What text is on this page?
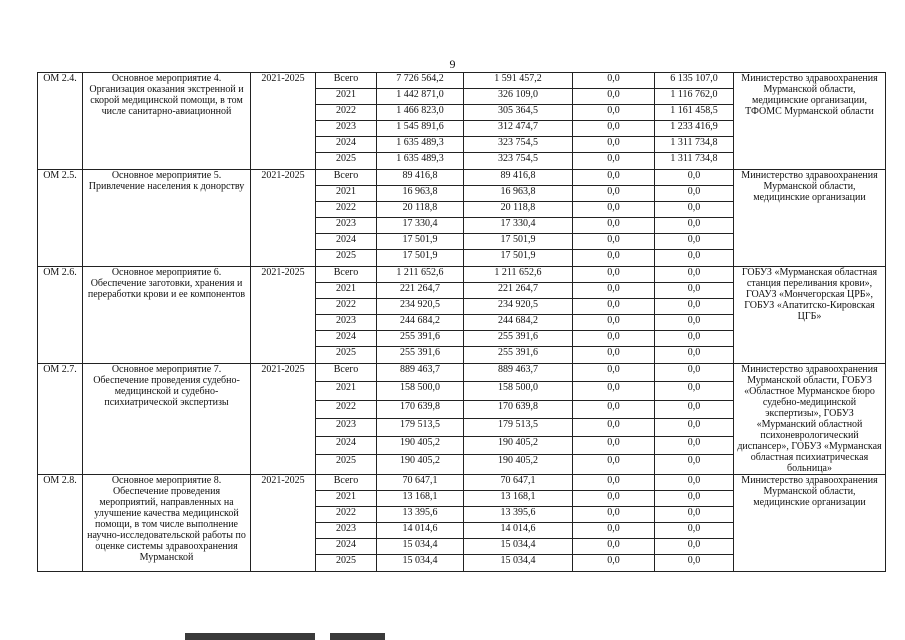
9
ОМ 2.4.	Основное мероприятие 4. Организация оказания экстренной и скорой медицинской помощи, в том числе санитарно-авиационной	2021-2025	Всего	7 726 564,2	1 591 457,2	0,0	6 135 107,0	Министерство здравоохранения Мурманской области, медицинские организации, ТФОМС Мурманской области
			2021	1 442 871,0	326 109,0	0,0	1 116 762,0	
			2022	1 466 823,0	305 364,5	0,0	1 161 458,5	
			2023	1 545 891,6	312 474,7	0,0	1 233 416,9	
			2024	1 635 489,3	323 754,5	0,0	1 311 734,8	
			2025	1 635 489,3	323 754,5	0,0	1 311 734,8	
ОМ 2.5.	Основное мероприятие 5. Привлечение населения к донорству	2021-2025	Всего	89 416,8	89 416,8	0,0	0,0	Министерство здравоохранения Мурманской области, медицинские организации
			2021	16 963,8	16 963,8	0,0	0,0	
			2022	20 118,8	20 118,8	0,0	0,0	
			2023	17 330,4	17 330,4	0,0	0,0	
			2024	17 501,9	17 501,9	0,0	0,0	
			2025	17 501,9	17 501,9	0,0	0,0	
ОМ 2.6.	Основное мероприятие 6. Обеспечение заготовки, хранения и переработки крови и ее компонентов	2021-2025	Всего	1 211 652,6	1 211 652,6	0,0	0,0	ГОБУЗ «Мурманская областная станция переливания крови», ГОАУЗ «Мончегорская ЦРБ», ГОБУЗ «Апатитско-Кировская ЦГБ»
			2021	221 264,7	221 264,7	0,0	0,0	
			2022	234 920,5	234 920,5	0,0	0,0	
			2023	244 684,2	244 684,2	0,0	0,0	
			2024	255 391,6	255 391,6	0,0	0,0	
			2025	255 391,6	255 391,6	0,0	0,0	
ОМ 2.7.	Основное мероприятие 7. Обеспечение проведения судебно-медицинской и судебно-психиатрической экспертизы	2021-2025	Всего	889 463,7	889 463,7	0,0	0,0	Министерство здравоохранения Мурманской области, ГОБУЗ «Областное Мурманское бюро судебно-медицинской экспертизы», ГОБУЗ «Мурманский областной психоневрологический диспансер», ГОБУЗ «Мурманская областная психиатрическая больница»
			2021	158 500,0	158 500,0	0,0	0,0	
			2022	170 639,8	170 639,8	0,0	0,0	
			2023	179 513,5	179 513,5	0,0	0,0	
			2024	190 405,2	190 405,2	0,0	0,0	
			2025	190 405,2	190 405,2	0,0	0,0	
ОМ 2.8.	Основное мероприятие 8. Обеспечение проведения мероприятий, направленных на улучшение качества медицинской помощи, в том числе выполнение научно-исследовательской работы по оценке системы здравоохранения Мурманской	2021-2025	Всего	70 647,1	70 647,1	0,0	0,0	Министерство здравоохранения Мурманской области, медицинские организации
			2021	13 168,1	13 168,1	0,0	0,0	
			2022	13 395,6	13 395,6	0,0	0,0	
			2023	14 014,6	14 014,6	0,0	0,0	
			2024	15 034,4	15 034,4	0,0	0,0	
			2025	15 034,4	15 034,4	0,0	0,0	
